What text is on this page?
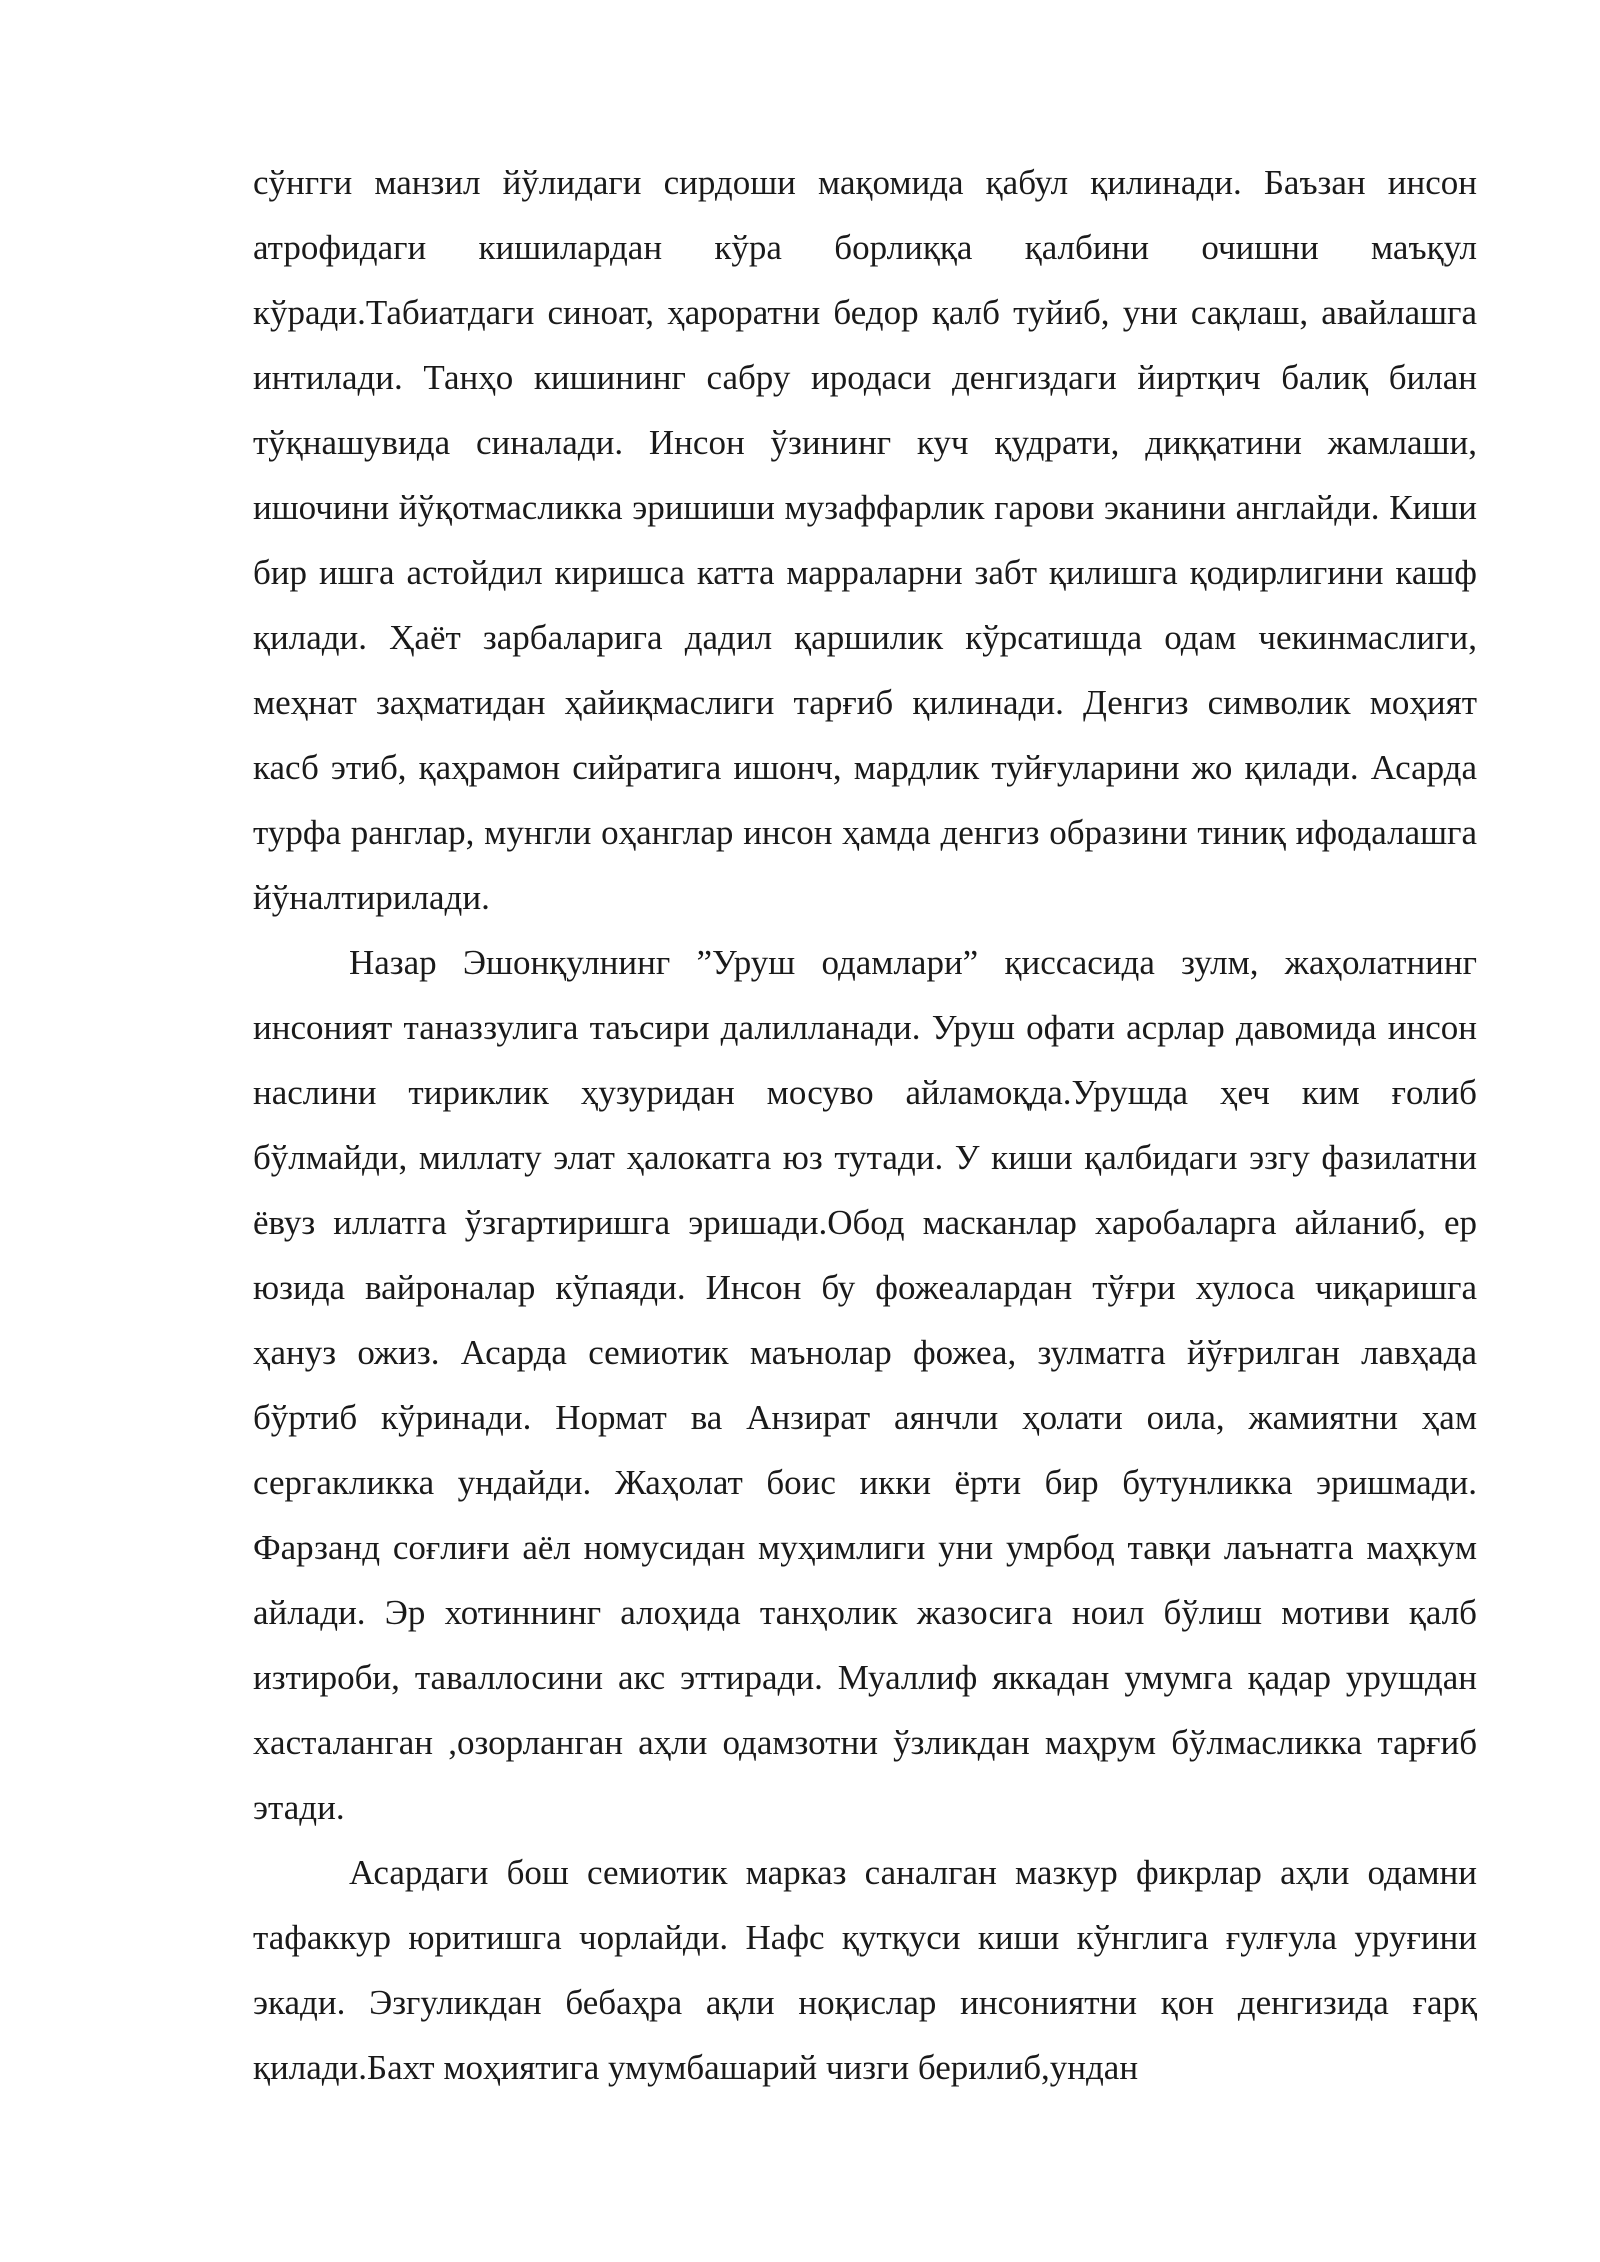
сўнгги манзил йўлидаги сирдоши мақомида қабул қилинади. Баъзан инсон атрофидаги кишилардан кўра борлиққа қалбини очишни маъқул кўради.Табиатдаги синоат, ҳароратни бедор қалб туйиб, уни сақлаш, авайлашга интилади. Танҳо кишининг сабру иродаси денгиздаги йиртқич балиқ билан тўқнашувида синалади. Инсон ўзининг куч қудрати, диққатини жамлаши, ишочини йўқотмасликка эришиши музаффарлик гарови эканини англайди. Киши бир ишга астойдил киришса катта марраларни забт қилишга қодирлигини кашф қилади. Ҳаёт зарбаларига дадил қаршилик кўрсатишда одам чекинмаслиги, меҳнат заҳматидан ҳайиқмаслиги тарғиб қилинади. Денгиз символик моҳият касб этиб, қаҳрамон сийратига ишонч, мардлик туйғуларини жо қилади. Асарда турфа ранглар, мунгли оҳанглар инсон ҳамда денгиз образини тиниқ ифодалашга йўналтирилади.

Назар Эшонқулнинг ”Уруш одамлари” қиссасида зулм, жаҳолатнинг инсоният таназзулига таъсири далилланади. Уруш офати асрлар давомида инсон наслини тириклик ҳузуридан мосуво айламоқда.Урушда ҳеч ким ғолиб бўлмайди, миллату элат ҳалокатга юз тутади. У киши қалбидаги эзгу фазилатни ёвуз иллатга ўзгартиришга эришади.Обод масканлар харобаларга айланиб, ер юзида вайроналар кўпаяди. Инсон бу фожеалардан тўғри хулоса чиқаришга ҳануз ожиз. Асарда семиотик маънолар фожеа, зулматга йўғрилган лавҳада бўртиб кўринади. Нормат ва Анзират аянчли ҳолати оила, жамиятни ҳам сергакликка ундайди. Жаҳолат боис икки ёрти бир бутунликка эришмади. Фарзанд соғлиғи аёл номусидан муҳимлиги уни умрбод тавқи лаънатга маҳкум айлади. Эр хотиннинг алоҳида танҳолик жазосига ноил бўлиш мотиви қалб изтироби, таваллосини акс эттиради. Муаллиф яккадан умумга қадар урушдан хасталанган ,озорланган аҳли одамзотни ўзликдан маҳрум бўлмасликка тарғиб этади.

Асардаги бош семиотик марказ саналган мазкур фикрлар аҳли одамни тафаккур юритишга чорлайди. Нафс қутқуси киши кўнглига ғулғула уруғини экади. Эзгуликдан бебаҳра ақли ноқислар инсониятни қон денгизида ғарқ қилади.Бахт моҳиятига умумбашарий чизги берилиб,ундан
